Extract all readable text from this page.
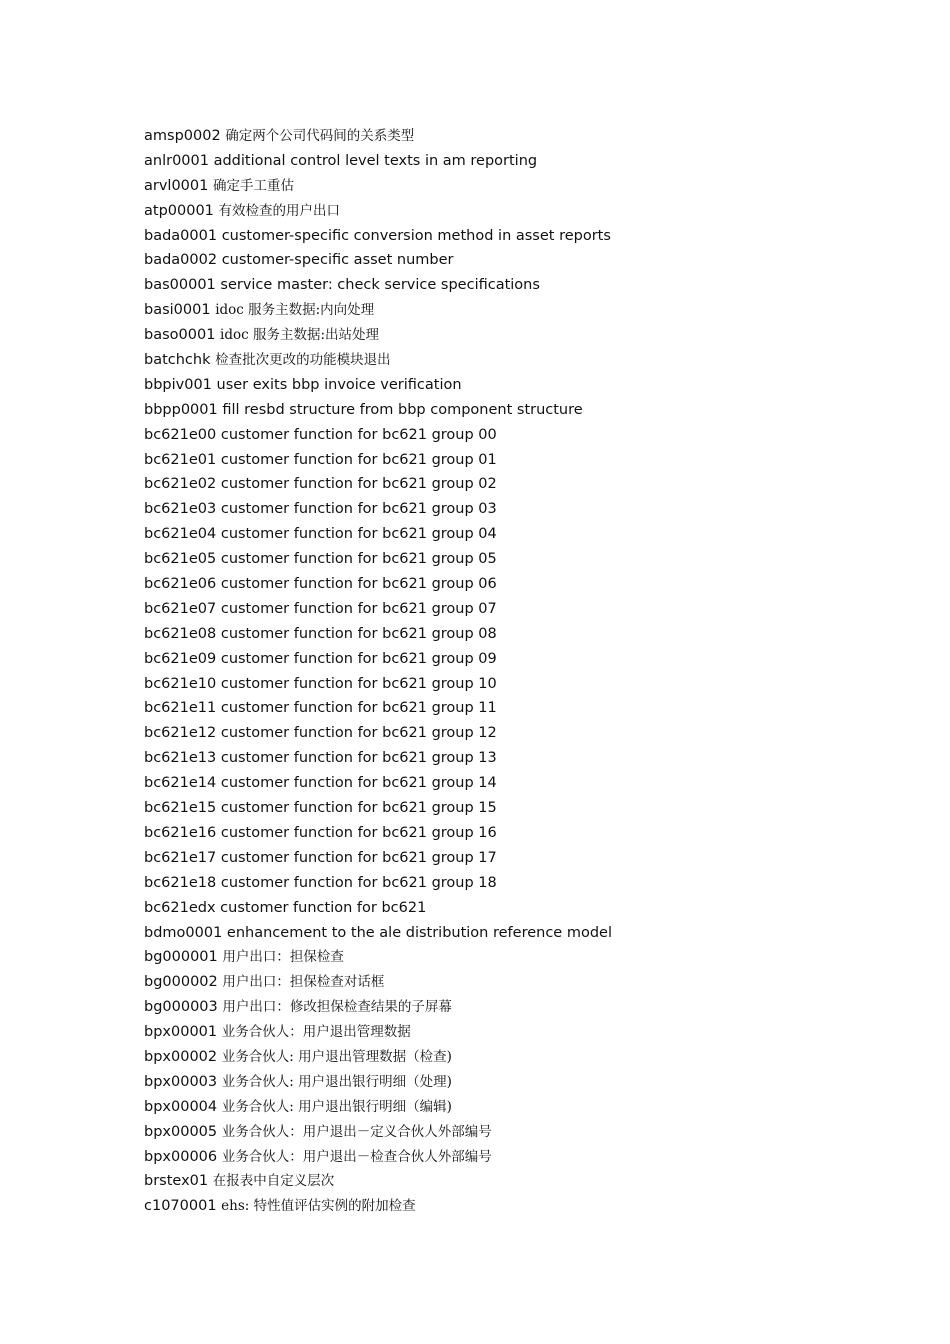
amsp0002 确定两个公司代码间的关系类型
anlr0001 additional control level texts in am reporting
arvl0001 确定手工重估
atp00001 有效检查的用户出口
bada0001 customer-specific conversion method in asset reports
bada0002 customer-specific asset number
bas00001 service master: check service specifications
basi0001 idoc 服务主数据:内向处理
baso0001 idoc 服务主数据:出站处理
batchchk 检查批次更改的功能模块退出
bbpiv001 user exits bbp invoice verification
bbpp0001 fill resbd structure from bbp component structure
bc621e00 customer function for bc621 group 00
bc621e01 customer function for bc621 group 01
bc621e02 customer function for bc621 group 02
bc621e03 customer function for bc621 group 03
bc621e04 customer function for bc621 group 04
bc621e05 customer function for bc621 group 05
bc621e06 customer function for bc621 group 06
bc621e07 customer function for bc621 group 07
bc621e08 customer function for bc621 group 08
bc621e09 customer function for bc621 group 09
bc621e10 customer function for bc621 group 10
bc621e11 customer function for bc621 group 11
bc621e12 customer function for bc621 group 12
bc621e13 customer function for bc621 group 13
bc621e14 customer function for bc621 group 14
bc621e15 customer function for bc621 group 15
bc621e16 customer function for bc621 group 16
bc621e17 customer function for bc621 group 17
bc621e18 customer function for bc621 group 18
bc621edx customer function for bc621
bdmo0001 enhancement to the ale distribution reference model
bg000001 用户出口：担保检查
bg000002 用户出口：担保检查对话框
bg000003 用户出口：修改担保检查结果的子屏幕
bpx00001 业务合伙人：用户退出管理数据
bpx00002 业务合伙人: 用户退出管理数据（检查)
bpx00003 业务合伙人: 用户退出银行明细（处理)
bpx00004 业务合伙人: 用户退出银行明细（编辑)
bpx00005 业务合伙人：用户退出－定义合伙人外部编号
bpx00006 业务合伙人：用户退出－检查合伙人外部编号
brstex01 在报表中自定义层次
c1070001 ehs: 特性值评估实例的附加检查
